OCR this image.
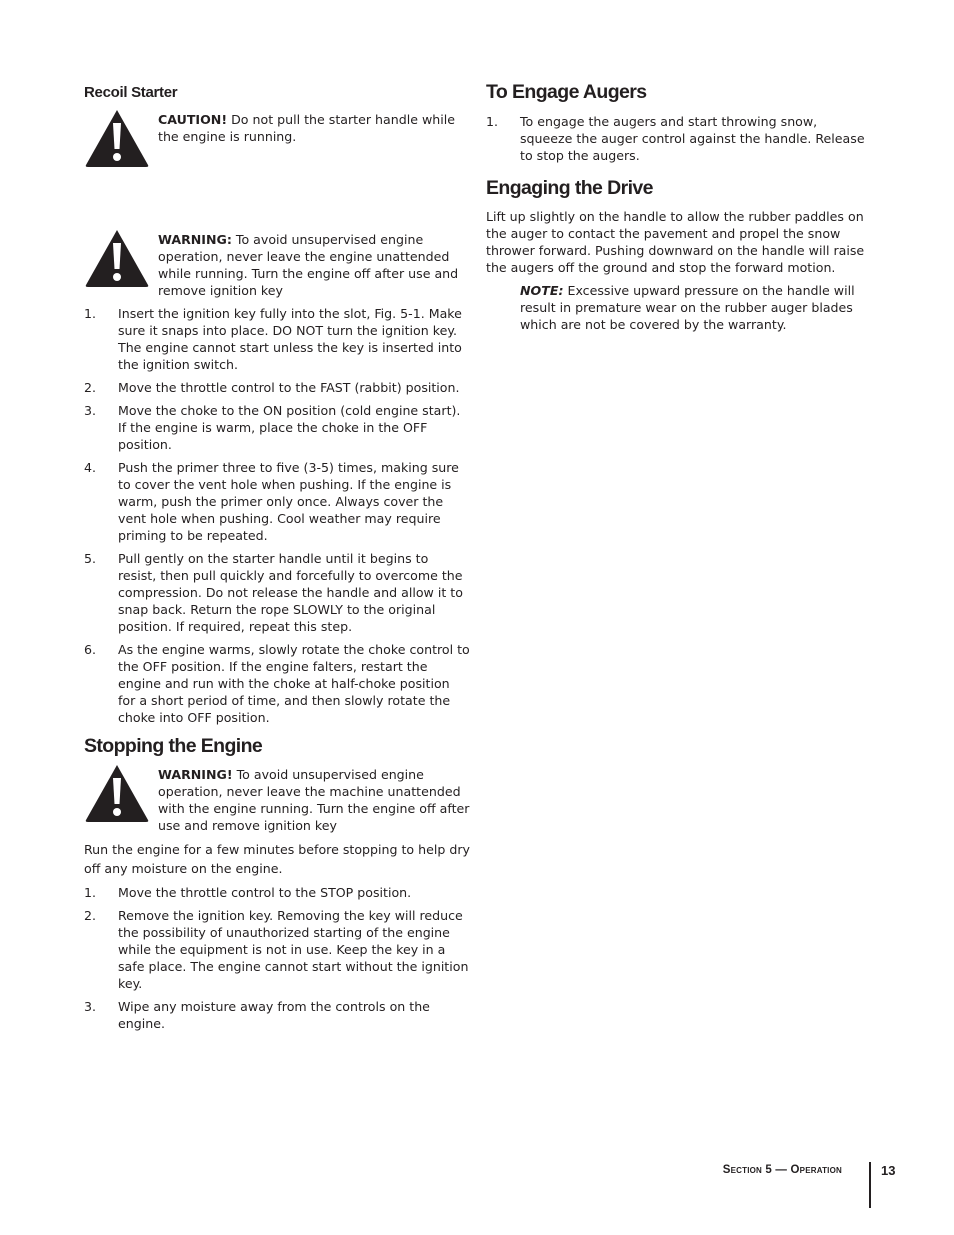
Recoil Starter
CAUTION! Do not pull the starter handle while the engine is running.
WARNING: To avoid unsupervised engine operation, never leave the engine unattended while running. Turn the engine off after use and remove ignition key
1.	Insert the ignition key fully into the slot, Fig. 5-1. Make sure it snaps into place. DO NOT turn the ignition key. The engine cannot start unless the key is inserted into the ignition switch.
2.	Move the throttle control to the FAST (rabbit) position.
3.	Move the choke to the ON position (cold engine start). If the engine is warm, place the choke in the OFF position.
4.	Push the primer three to five (3-5) times, making sure to cover the vent hole when pushing. If the engine is warm, push the primer only once. Always cover the vent hole when pushing. Cool weather may require priming to be repeated.
5.	Pull gently on the starter handle until it begins to resist, then pull quickly and forcefully to overcome the compression. Do not release the handle and allow it to snap back. Return the rope SLOWLY to the original position. If required, repeat this step.
6.	As the engine warms, slowly rotate the choke control to the OFF position. If the engine falters, restart the engine and run with the choke at half-choke position for a short period of time, and then slowly rotate the choke into OFF position.
Stopping the Engine
WARNING! To avoid unsupervised engine operation, never leave the machine unattended with the engine running. Turn the engine off after use and remove ignition key

Run the engine for a few minutes before stopping to help dry off any moisture on the engine.

1.	Move the throttle control to the STOP position.
2.	Remove the ignition key. Removing the key will reduce the possibility of unauthorized starting of the engine while the equipment is not in use. Keep the key in a safe place. The engine cannot start without the ignition key.
3.	Wipe any moisture away from the controls on the engine.
To Engage Augers
1.	To engage the augers and start throwing snow, squeeze the auger control against the handle. Release to stop the augers.
Engaging the Drive

Lift up slightly on the handle to allow the rubber paddles on the auger to contact the pavement and propel the snow thrower forward. Pushing downward on the handle will raise the augers off the ground and stop the forward motion.

NOTE: Excessive upward pressure on the handle will result in premature wear on the rubber auger blades which are not be covered by the warranty.

Section 5 — Operation	13
